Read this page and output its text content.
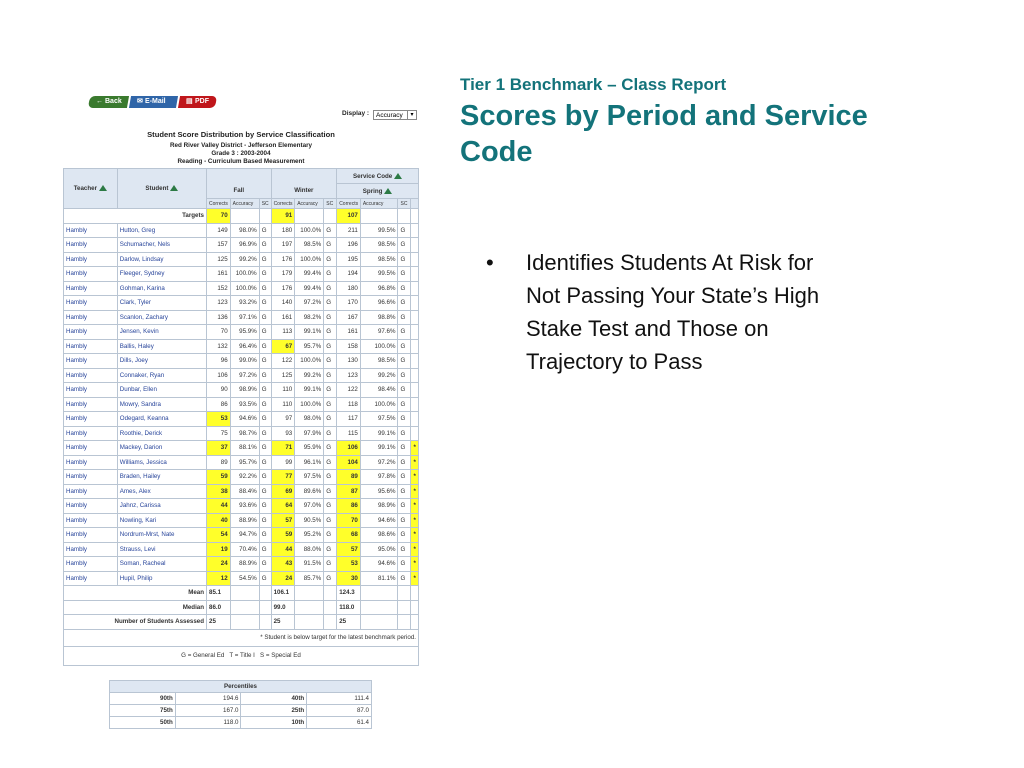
Tier 1 Benchmark – Class Report
Scores by Period and Service
Code
• Identifies Students At Risk for Not Passing Your State’s High Stake Test and Those on Trajectory to Pass
← Back	✉ E-Mail	▤ PDF
Display :	Accuracy	▾
Student Score Distribution by Service Classification
Red River Valley District - Jefferson Elementary
Grade 3 : 2003-2004
Reading - Curriculum Based Measurement
Teacher	Student							Service Code			
		Fall			Winter			Spring			
		Corrects	Accuracy	SC	Corrects	Accuracy	SC	Corrects	Accuracy	SC	
Targets		70			91			107			
Hambly	Hutton, Greg	149	98.0%	G	180	100.0%	G	211	99.5%	G	
Hambly	Schumacher, Nels	157	96.9%	G	197	98.5%	G	196	98.5%	G	
Hambly	Darlow, Lindsay	125	99.2%	G	176	100.0%	G	195	98.5%	G	
Hambly	Fleeger, Sydney	161	100.0%	G	179	99.4%	G	194	99.5%	G	
Hambly	Gohman, Karina	152	100.0%	G	176	99.4%	G	180	96.8%	G	
Hambly	Clark, Tyler	123	93.2%	G	140	97.2%	G	170	96.6%	G	
Hambly	Scanlon, Zachary	136	97.1%	G	161	98.2%	G	167	98.8%	G	
Hambly	Jensen, Kevin	70	95.9%	G	113	99.1%	G	161	97.6%	G	
Hambly	Ballis, Haley	132	96.4%	G	67	95.7%	G	158	100.0%	G	
Hambly	Dills, Joey	96	99.0%	G	122	100.0%	G	130	98.5%	G	
Hambly	Connaker, Ryan	106	97.2%	G	125	99.2%	G	123	99.2%	G	
Hambly	Dunbar, Ellen	90	98.9%	G	110	99.1%	G	122	98.4%	G	
Hambly	Mowry, Sandra	86	93.5%	G	110	100.0%	G	118	100.0%	G	
Hambly	Odegard, Keanna	53	94.6%	G	97	98.0%	G	117	97.5%	G	
Hambly	Roothie, Derick	75	98.7%	G	93	97.9%	G	115	99.1%	G	
Hambly	Mackey, Darion	37	88.1%	G	71	95.9%	G	106	99.1%	G	*
Hambly	Williams, Jessica	89	95.7%	G	99	96.1%	G	104	97.2%	G	*
Hambly	Braden, Hailey	59	92.2%	G	77	97.5%	G	89	97.8%	G	*
Hambly	Ames, Alex	38	88.4%	G	69	89.6%	G	87	95.6%	G	*
Hambly	Jahnz, Carissa	44	93.6%	G	64	97.0%	G	86	98.9%	G	*
Hambly	Nowling, Kari	40	88.9%	G	57	90.5%	G	70	94.6%	G	*
Hambly	Nordrum-Mrst, Nate	54	94.7%	G	59	95.2%	G	68	98.6%	G	*
Hambly	Strauss, Levi	19	70.4%	G	44	88.0%	G	57	95.0%	G	*
Hambly	Soman, Racheal	24	88.9%	G	43	91.5%	G	53	94.6%	G	*
Hambly	Hupil, Philip	12	54.5%	G	24	85.7%	G	30	81.1%	G	*
Mean		85.1			106.1			124.3			
Median		86.0			99.0			118.0			
Number of Students Assessed		25			25			25			
* Student is below target for the latest benchmark period.											
G = General Ed   T = Title I   S = Special Ed											
Percentiles			
90th	194.6	40th	111.4
75th	167.0	25th	87.0
50th	118.0	10th	61.4
